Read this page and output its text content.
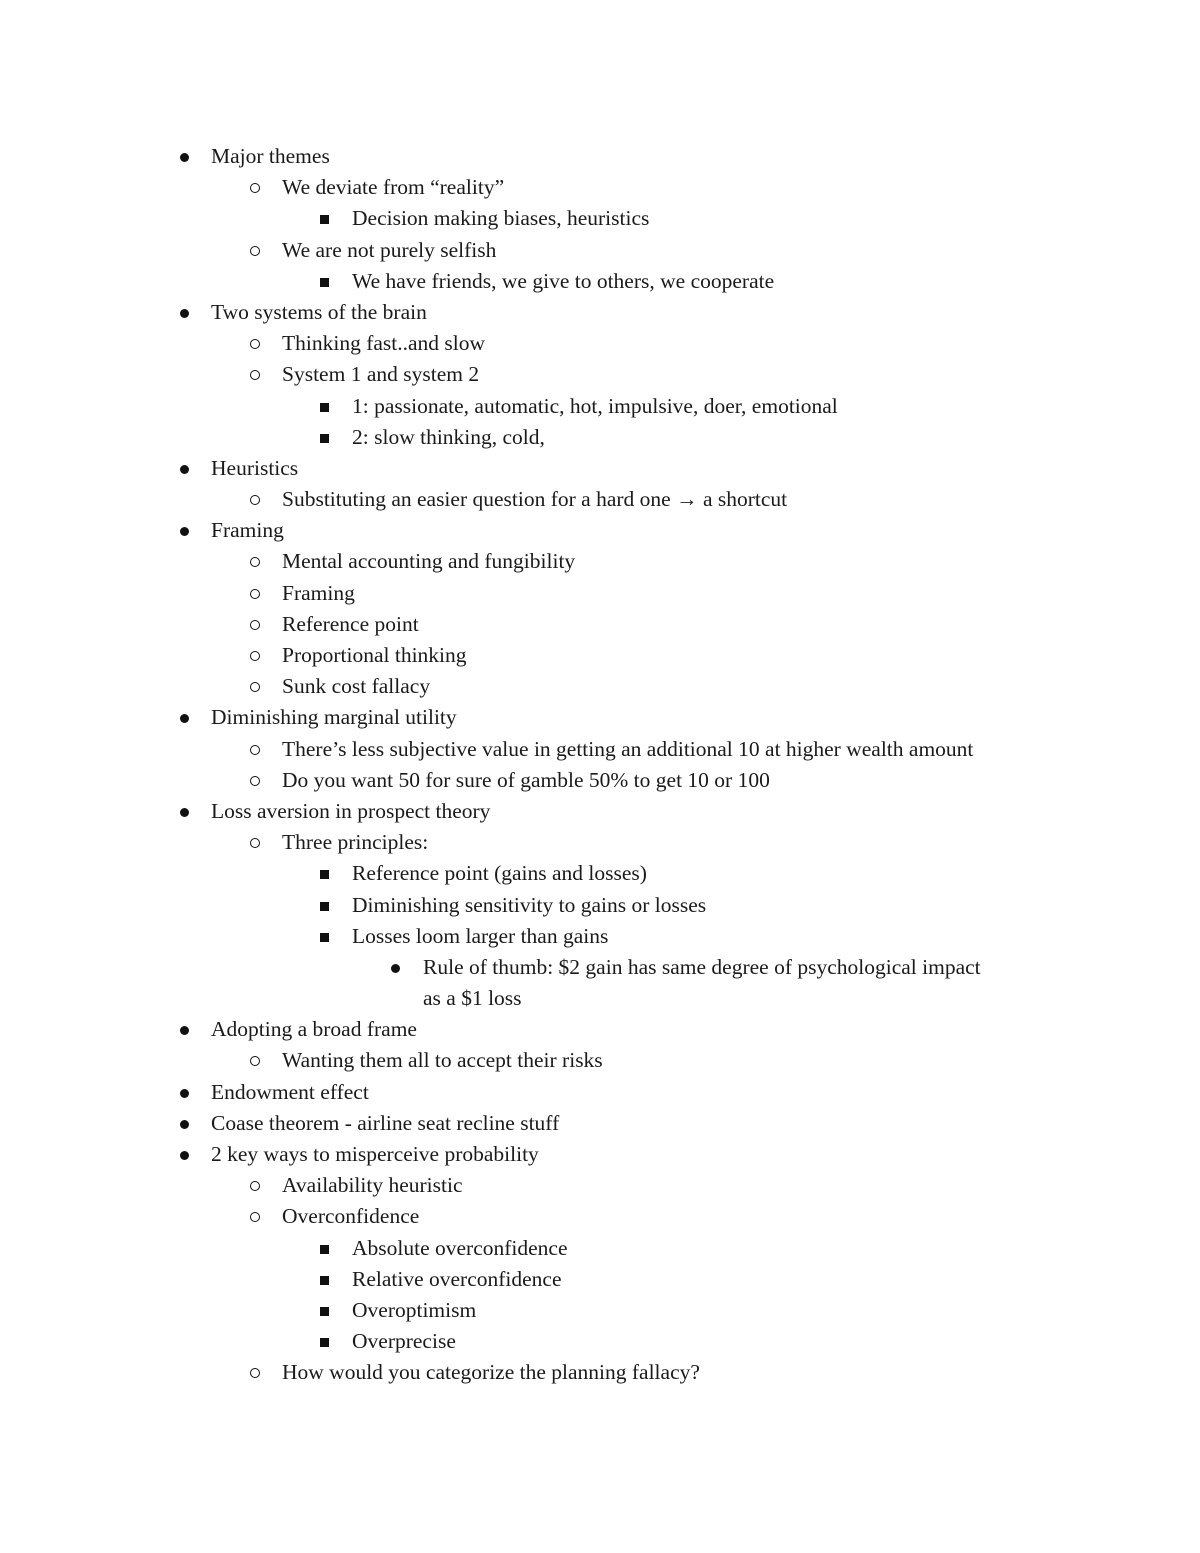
Major themes
We deviate from “reality”
Decision making biases, heuristics
We are not purely selfish
We have friends, we give to others, we cooperate
Two systems of the brain
Thinking fast..and slow
System 1 and system 2
1: passionate, automatic, hot, impulsive, doer, emotional
2: slow thinking, cold,
Heuristics
Substituting an easier question for a hard one → a shortcut
Framing
Mental accounting and fungibility
Framing
Reference point
Proportional thinking
Sunk cost fallacy
Diminishing marginal utility
There’s less subjective value in getting an additional 10 at higher wealth amount
Do you want 50 for sure of gamble 50% to get 10 or 100
Loss aversion in prospect theory
Three principles:
Reference point (gains and losses)
Diminishing sensitivity to gains or losses
Losses loom larger than gains
Rule of thumb: $2 gain has same degree of psychological impact
as a $1 loss
Adopting a broad frame
Wanting them all to accept their risks
Endowment effect
Coase theorem - airline seat recline stuff
2 key ways to misperceive probability
Availability heuristic
Overconfidence
Absolute overconfidence
Relative overconfidence
Overoptimism
Overprecise
How would you categorize the planning fallacy?
